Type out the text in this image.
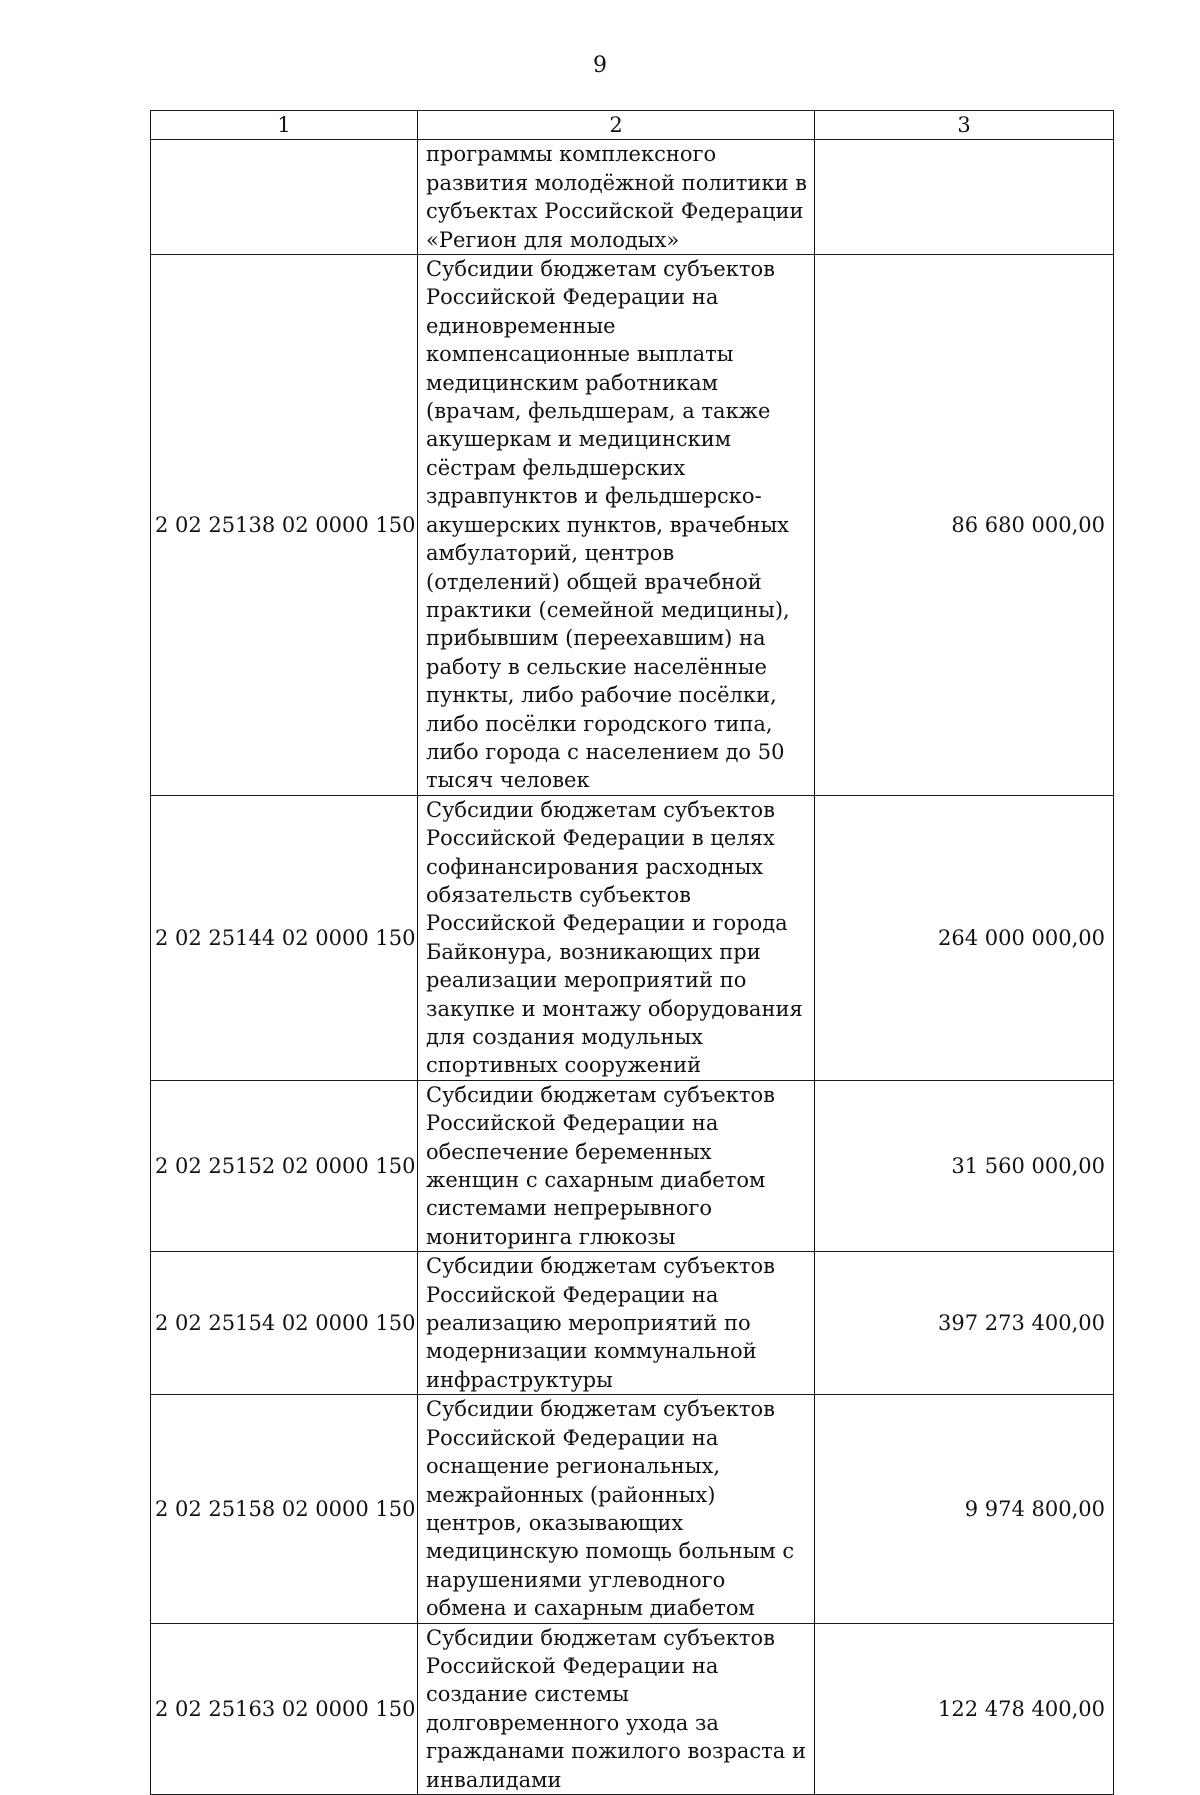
9
1	2	3
	программы комплексного развития молодёжной политики в субъектах Российской Федерации «Регион для молодых»	
2 02 25138 02 0000 150	Субсидии бюджетам субъектов Российской Федерации на единовременные компенсационные выплаты медицинским работникам (врачам, фельдшерам, а также акушеркам и медицинским сёстрам фельдшерских здравпунктов и фельдшерско-акушерских пунктов, врачебных амбулаторий, центров (отделений) общей врачебной практики (семейной медицины), прибывшим (переехавшим) на работу в сельские населённые пункты, либо рабочие посёлки, либо посёлки городского типа, либо города с населением до 50 тысяч человек	86 680 000,00
2 02 25144 02 0000 150	Субсидии бюджетам субъектов Российской Федерации в целях софинансирования расходных обязательств субъектов Российской Федерации и города Байконура, возникающих при реализации мероприятий по закупке и монтажу оборудования для создания модульных спортивных сооружений	264 000 000,00
2 02 25152 02 0000 150	Субсидии бюджетам субъектов Российской Федерации на обеспечение беременных женщин с сахарным диабетом системами непрерывного мониторинга глюкозы	31 560 000,00
2 02 25154 02 0000 150	Субсидии бюджетам субъектов Российской Федерации на реализацию мероприятий по модернизации коммунальной инфраструктуры	397 273 400,00
2 02 25158 02 0000 150	Субсидии бюджетам субъектов Российской Федерации на оснащение региональных, межрайонных (районных) центров, оказывающих медицинскую помощь больным с нарушениями углеводного обмена и сахарным диабетом	9 974 800,00
2 02 25163 02 0000 150	Субсидии бюджетам субъектов Российской Федерации на создание системы долговременного ухода за гражданами пожилого возраста и инвалидами	122 478 400,00
